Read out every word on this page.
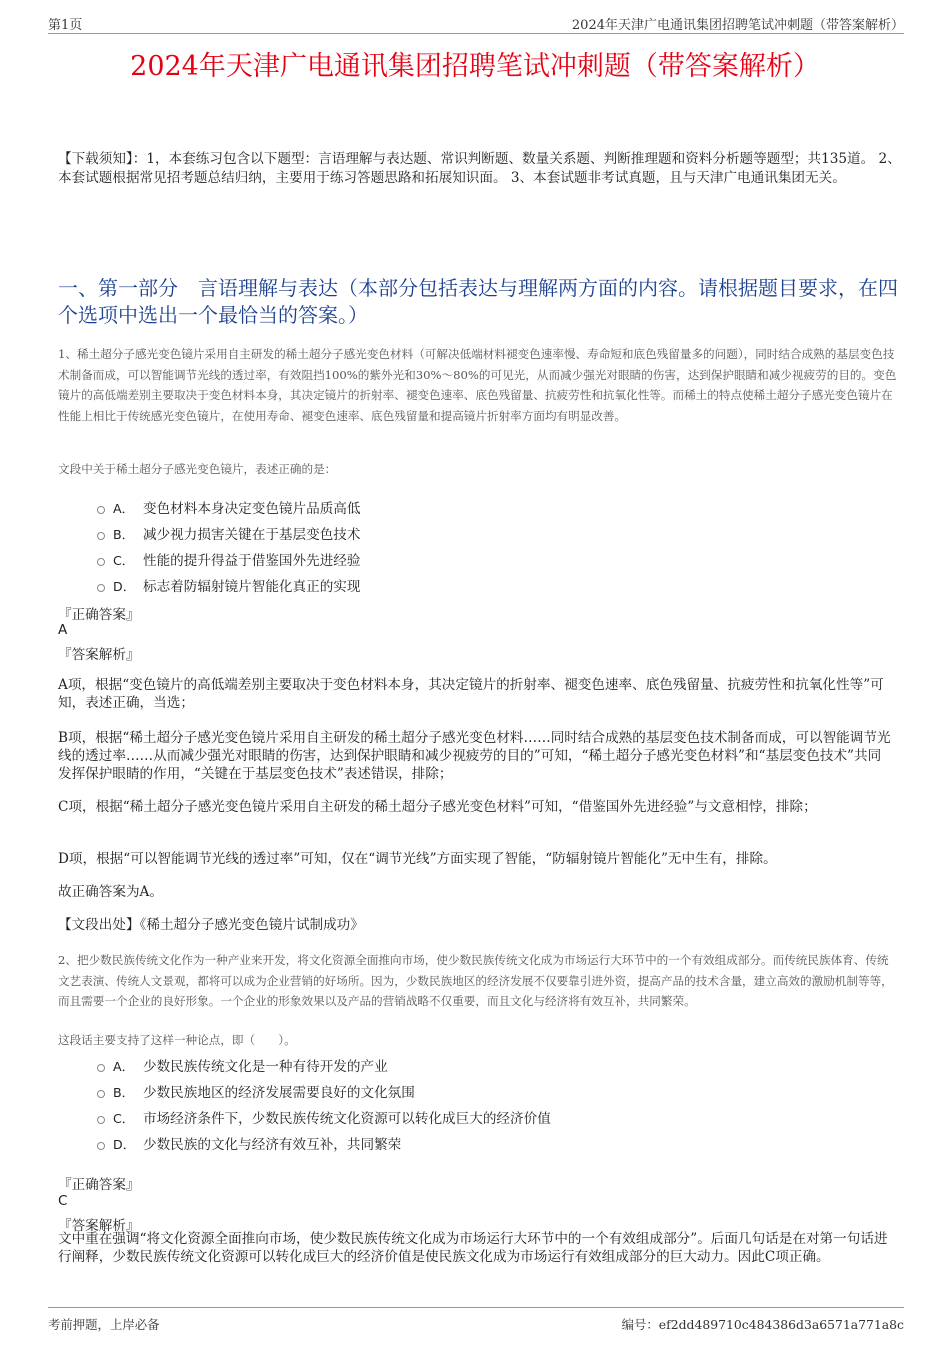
第1页	2024年天津广电通讯集团招聘笔试冲刺题（带答案解析）
2024年天津广电通讯集团招聘笔试冲刺题（带答案解析）
【下载须知】：1，本套练习包含以下题型：言语理解与表达题、常识判断题、数量关系题、判断推理题和资料分析题等题型；共135道。 2、本套试题根据常见招考题总结归纳，主要用于练习答题思路和拓展知识面。 3、本套试题非考试真题，且与天津广电通讯集团无关。
一、第一部分　言语理解与表达（本部分包括表达与理解两方面的内容。请根据题目要求，在四个选项中选出一个最恰当的答案。）
1、稀土超分子感光变色镜片采用自主研发的稀土超分子感光变色材料（可解决低端材料褪变色速率慢、寿命短和底色残留量多的问题），同时结合成熟的基层变色技术制备而成，可以智能调节光线的透过率，有效阻挡100%的紫外光和30%～80%的可见光，从而减少强光对眼睛的伤害，达到保护眼睛和减少视疲劳的目的。变色镜片的高低端差别主要取决于变色材料本身，其决定镜片的折射率、褪变色速率、底色残留量、抗疲劳性和抗氧化性等。而稀土的特点使稀土超分子感光变色镜片在性能上相比于传统感光变色镜片，在使用寿命、褪变色速率、底色残留量和提高镜片折射率方面均有明显改善。
文段中关于稀土超分子感光变色镜片，表述正确的是：
A． 变色材料本身决定变色镜片品质高低
B． 减少视力损害关键在于基层变色技术
C． 性能的提升得益于借鉴国外先进经验
D． 标志着防辐射镜片智能化真正的实现
『正确答案』
A
『答案解析』
A项，根据“变色镜片的高低端差别主要取决于变色材料本身，其决定镜片的折射率、褪变色速率、底色残留量、抗疲劳性和抗氧化性等”可知，表述正确，当选；
B项，根据“稀土超分子感光变色镜片采用自主研发的稀土超分子感光变色材料……同时结合成熟的基层变色技术制备而成，可以智能调节光线的透过率……从而减少强光对眼睛的伤害，达到保护眼睛和减少视疲劳的目的”可知，“稀土超分子感光变色材料”和“基层变色技术”共同发挥保护眼睛的作用，“关键在于基层变色技术”表述错误，排除；
C项，根据“稀土超分子感光变色镜片采用自主研发的稀土超分子感光变色材料”可知，“借鉴国外先进经验”与文意相悖，排除；
D项，根据“可以智能调节光线的透过率”可知，仅在“调节光线”方面实现了智能，“防辐射镜片智能化”无中生有，排除。
故正确答案为A。
【文段出处】《稀土超分子感光变色镜片试制成功》
2、把少数民族传统文化作为一种产业来开发，将文化资源全面推向市场，使少数民族传统文化成为市场运行大环节中的一个有效组成部分。而传统民族体育、传统文艺表演、传统人文景观，都将可以成为企业营销的好场所。因为，少数民族地区的经济发展不仅要靠引进外资，提高产品的技术含量，建立高效的激励机制等等，而且需要一个企业的良好形象。一个企业的形象效果以及产品的营销战略不仅重要，而且文化与经济将有效互补，共同繁荣。
这段话主要支持了这样一种论点，即（　　）。
A． 少数民族传统文化是一种有待开发的产业
B． 少数民族地区的经济发展需要良好的文化氛围
C． 市场经济条件下，少数民族传统文化资源可以转化成巨大的经济价值
D． 少数民族的文化与经济有效互补，共同繁荣
『正确答案』
C
『答案解析』
文中重在强调“将文化资源全面推向市场，使少数民族传统文化成为市场运行大环节中的一个有效组成部分”。后面几句话是在对第一句话进行阐释，少数民族传统文化资源可以转化成巨大的经济价值是使民族文化成为市场运行有效组成部分的巨大动力。因此C项正确。
考前押题，上岸必备	编号：ef2dd489710c484386d3a6571a771a8c
